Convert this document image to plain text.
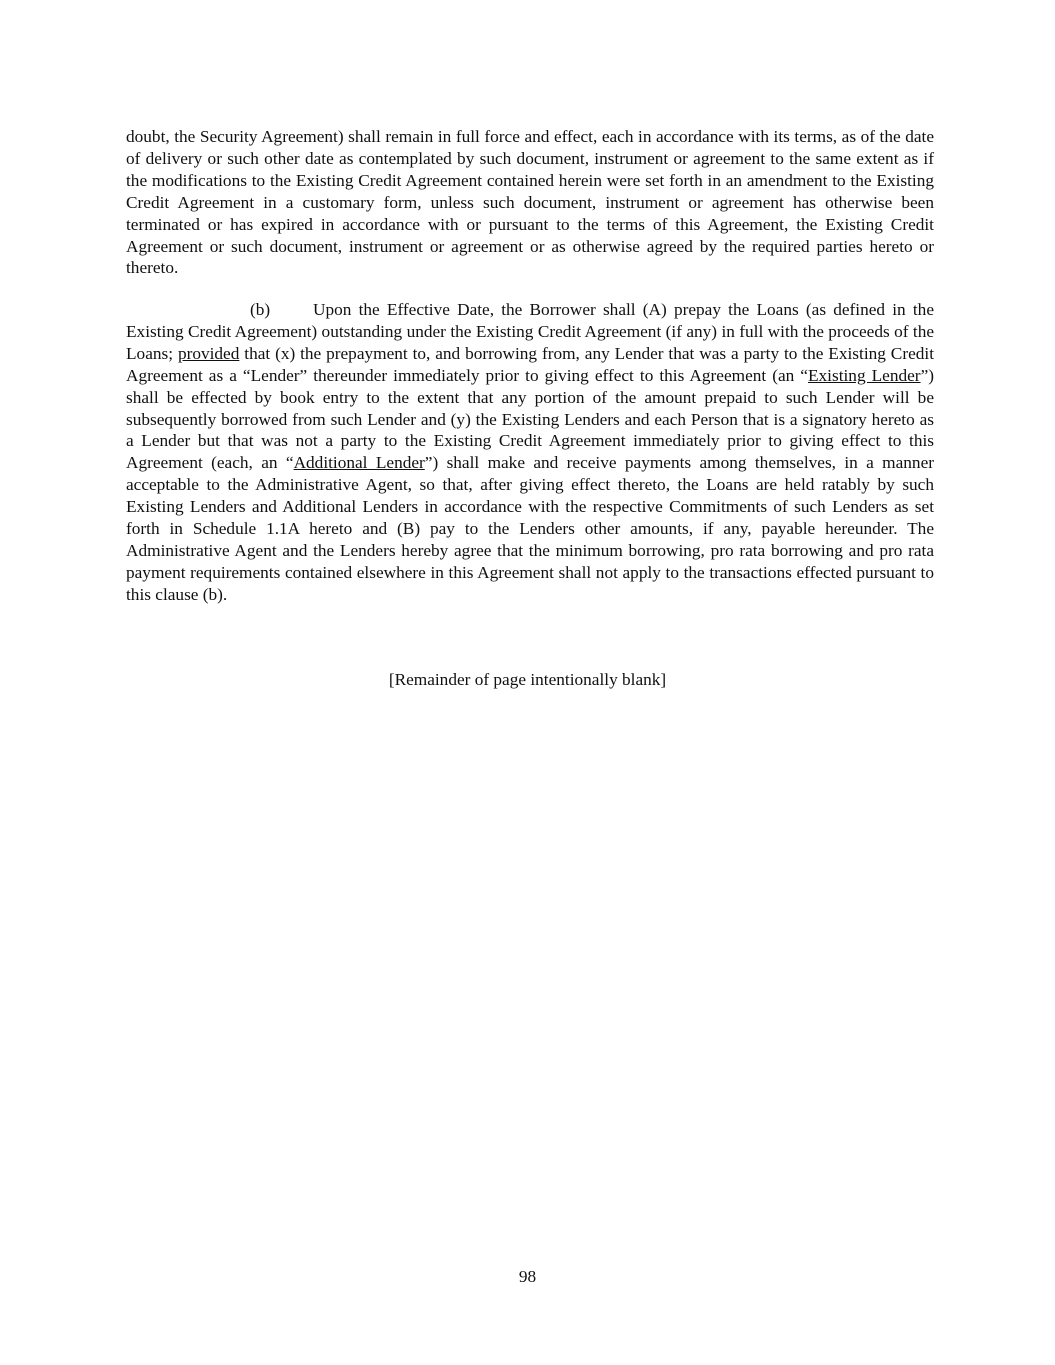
doubt, the Security Agreement) shall remain in full force and effect, each in accordance with its terms, as of the date of delivery or such other date as contemplated by such document, instrument or agreement to the same extent as if the modifications to the Existing Credit Agreement contained herein were set forth in an amendment to the Existing Credit Agreement in a customary form, unless such document, instrument or agreement has otherwise been terminated or has expired in accordance with or pursuant to the terms of this Agreement, the Existing Credit Agreement or such document, instrument or agreement or as otherwise agreed by the required parties hereto or thereto.

(b) Upon the Effective Date, the Borrower shall (A) prepay the Loans (as defined in the Existing Credit Agreement) outstanding under the Existing Credit Agreement (if any) in full with the proceeds of the Loans; provided that (x) the prepayment to, and borrowing from, any Lender that was a party to the Existing Credit Agreement as a “Lender” thereunder immediately prior to giving effect to this Agreement (an “Existing Lender”) shall be effected by book entry to the extent that any portion of the amount prepaid to such Lender will be subsequently borrowed from such Lender and (y) the Existing Lenders and each Person that is a signatory hereto as a Lender but that was not a party to the Existing Credit Agreement immediately prior to giving effect to this Agreement (each, an “Additional Lender”) shall make and receive payments among themselves, in a manner acceptable to the Administrative Agent, so that, after giving effect thereto, the Loans are held ratably by such Existing Lenders and Additional Lenders in accordance with the respective Commitments of such Lenders as set forth in Schedule 1.1A hereto and (B) pay to the Lenders other amounts, if any, payable hereunder. The Administrative Agent and the Lenders hereby agree that the minimum borrowing, pro rata borrowing and pro rata payment requirements contained elsewhere in this Agreement shall not apply to the transactions effected pursuant to this clause (b).

[Remainder of page intentionally blank]

98
